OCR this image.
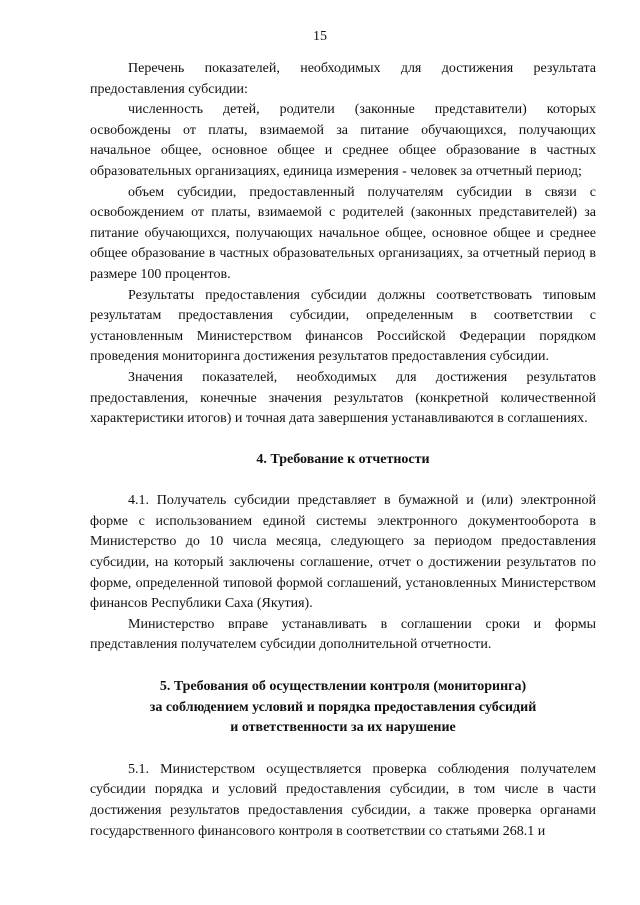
15

Перечень показателей, необходимых для достижения результата предоставления субсидии:

численность детей, родители (законные представители) которых освобождены от платы, взимаемой за питание обучающихся, получающих начальное общее, основное общее и среднее общее образование в частных образовательных организациях, единица измерения - человек за отчетный период;

объем субсидии, предоставленный получателям субсидии в связи с освобождением от платы, взимаемой с родителей (законных представителей) за питание обучающихся, получающих начальное общее, основное общее и среднее общее образование в частных образовательных организациях, за отчетный период в размере 100 процентов.

Результаты предоставления субсидии должны соответствовать типовым результатам предоставления субсидии, определенным в соответствии с установленным Министерством финансов Российской Федерации порядком проведения мониторинга достижения результатов предоставления субсидии.

Значения показателей, необходимых для достижения результатов предоставления, конечные значения результатов (конкретной количественной характеристики итогов) и точная дата завершения устанавливаются в соглашениях.

4. Требование к отчетности

4.1. Получатель субсидии представляет в бумажной и (или) электронной форме с использованием единой системы электронного документооборота в Министерство до 10 числа месяца, следующего за периодом предоставления субсидии, на который заключены соглашение, отчет о достижении результатов по форме, определенной типовой формой соглашений, установленных Министерством финансов Республики Саха (Якутия).

Министерство вправе устанавливать в соглашении сроки и формы представления получателем субсидии дополнительной отчетности.

5. Требования об осуществлении контроля (мониторинга)
за соблюдением условий и порядка предоставления субсидий
и ответственности за их нарушение

5.1. Министерством осуществляется проверка соблюдения получателем субсидии порядка и условий предоставления субсидии, в том числе в части достижения результатов предоставления субсидии, а также проверка органами государственного финансового контроля в соответствии со статьями 268.1 и
